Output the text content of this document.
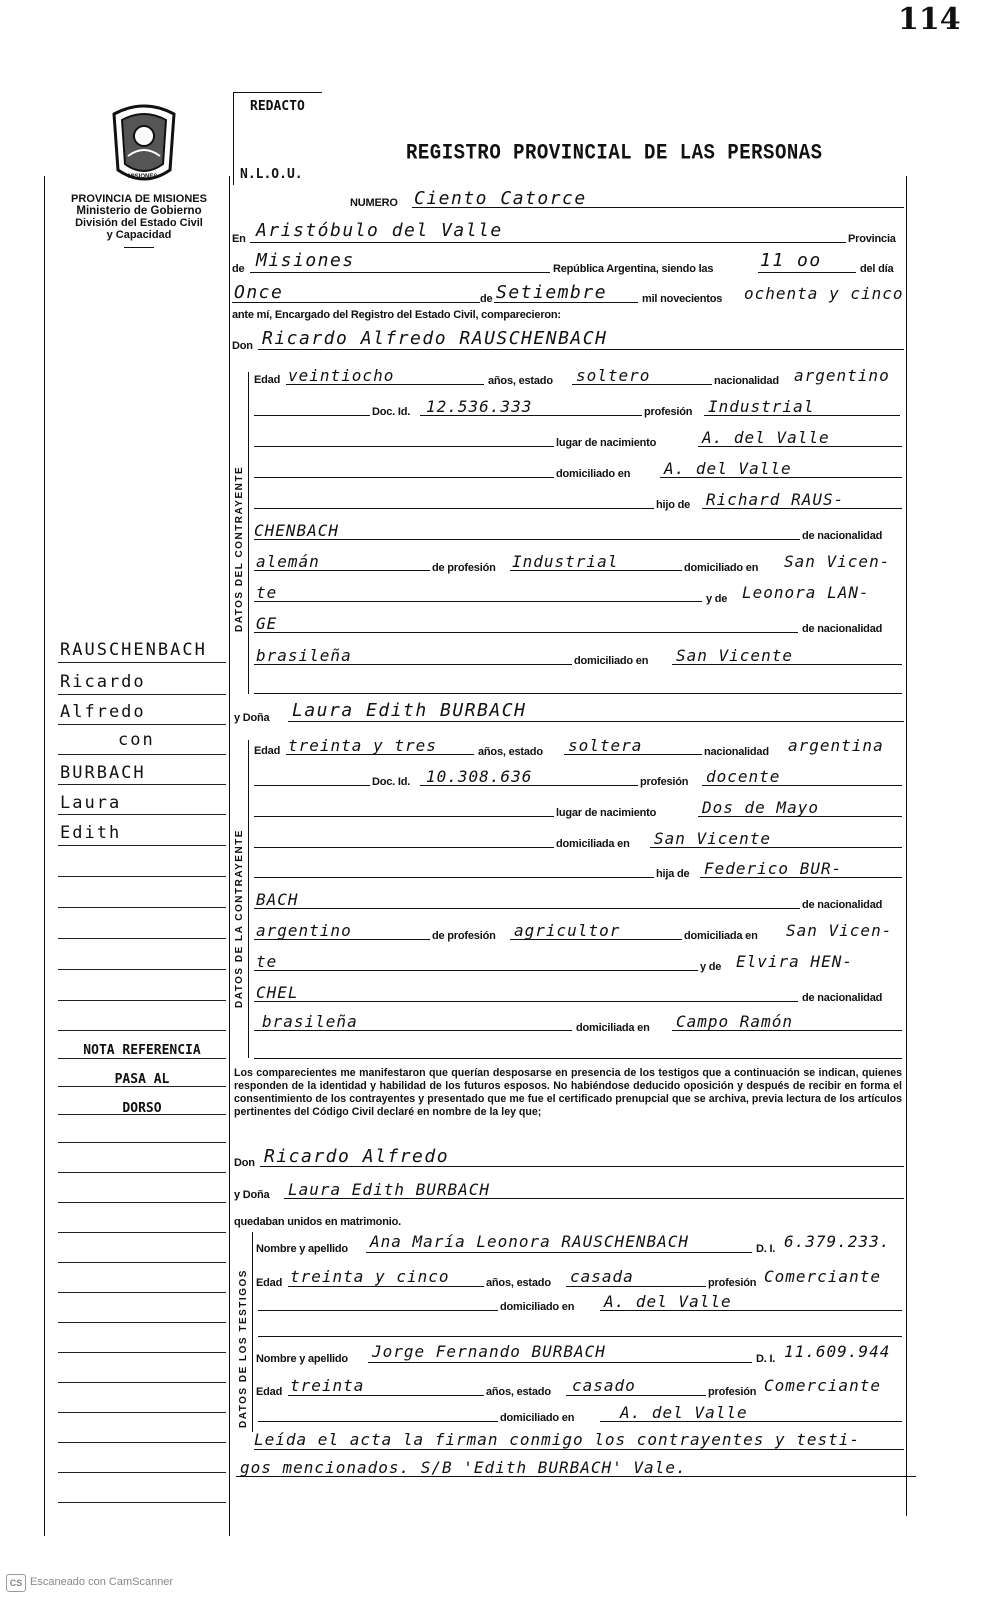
114
MISIONES
PROVINCIA DE MISIONES
Ministerio de Gobierno
División del Estado Civil
y Capacidad
REDACTO
N.L.O.U.
REGISTRO PROVINCIAL DE LAS PERSONAS
NUMERO Ciento Catorce
En Aristóbulo del Valle	Provincia
de Misiones	República Argentina, siendo las	11 oo	del día
Once	de Setiembre	mil novecientos ochenta y cinco
ante mí, Encargado del Registro del Estado Civil, comparecieron:
Don Ricardo Alfredo RAUSCHENBACH
DATOS DEL CONTRAYENTE
Edad veintiocho	años, estado soltero	nacionalidad argentino
Doc. Id. 12.536.333	profesión Industrial
lugar de nacimiento	A. del Valle
domiciliado en A. del Valle
hijo de Richard RAUS-
CHENBACH	de nacionalidad
alemán	de profesión Industrial	domiciliado en San Vicen-
te	y de Leonora LAN-
GE	de nacionalidad
brasileña	domiciliado en San Vicente
y Doña Laura Edith BURBACH
DATOS DE LA CONTRAYENTE
Edad treinta y tres	años, estado soltera	nacionalidad argentina
Doc. Id. 10.308.636	profesión docente
lugar de nacimiento	Dos de Mayo
domiciliada en San Vicente
hija de Federico BUR-
BACH	de nacionalidad
argentino	de profesión agricultor	domiciliada en San Vicen-
te	y de Elvira HEN-
CHEL	de nacionalidad
brasileña	domiciliada en Campo Ramón
Los comparecientes me manifestaron que querían desposarse en presencia de los testigos que a continuación se indican, quienes responden de la identidad y habilidad de los futuros esposos. No habiéndose deducido oposición y después de recibir en forma el consentimiento de los contrayentes y presentado que me fue el certificado prenupcial que se archiva, previa lectura de los artículos pertinentes del Código Civil declaré en nombre de la ley que;
Don Ricardo Alfredo
y Doña Laura Edith BURBACH
quedaban unidos en matrimonio.
DATOS DE LOS TESTIGOS
Nombre y apellido Ana María Leonora RAUSCHENBACH	D. I. 6.379.233.
Edad treinta y cinco	años, estado casada	profesión Comerciante
domiciliado en A. del Valle
Nombre y apellido Jorge Fernando BURBACH	D. I. 11.609.944
Edad treinta	años, estado casado	profesión Comerciante
domiciliado en	A. del Valle
Leída el acta la firman conmigo los contrayentes y testi-
gos mencionados. S/B 'Edith BURBACH' Vale.
RAUSCHENBACH
Ricardo
Alfredo
con
BURBACH
Laura
Edith
NOTA REFERENCIA
PASA AL
DORSO
CS Escaneado con CamScanner
